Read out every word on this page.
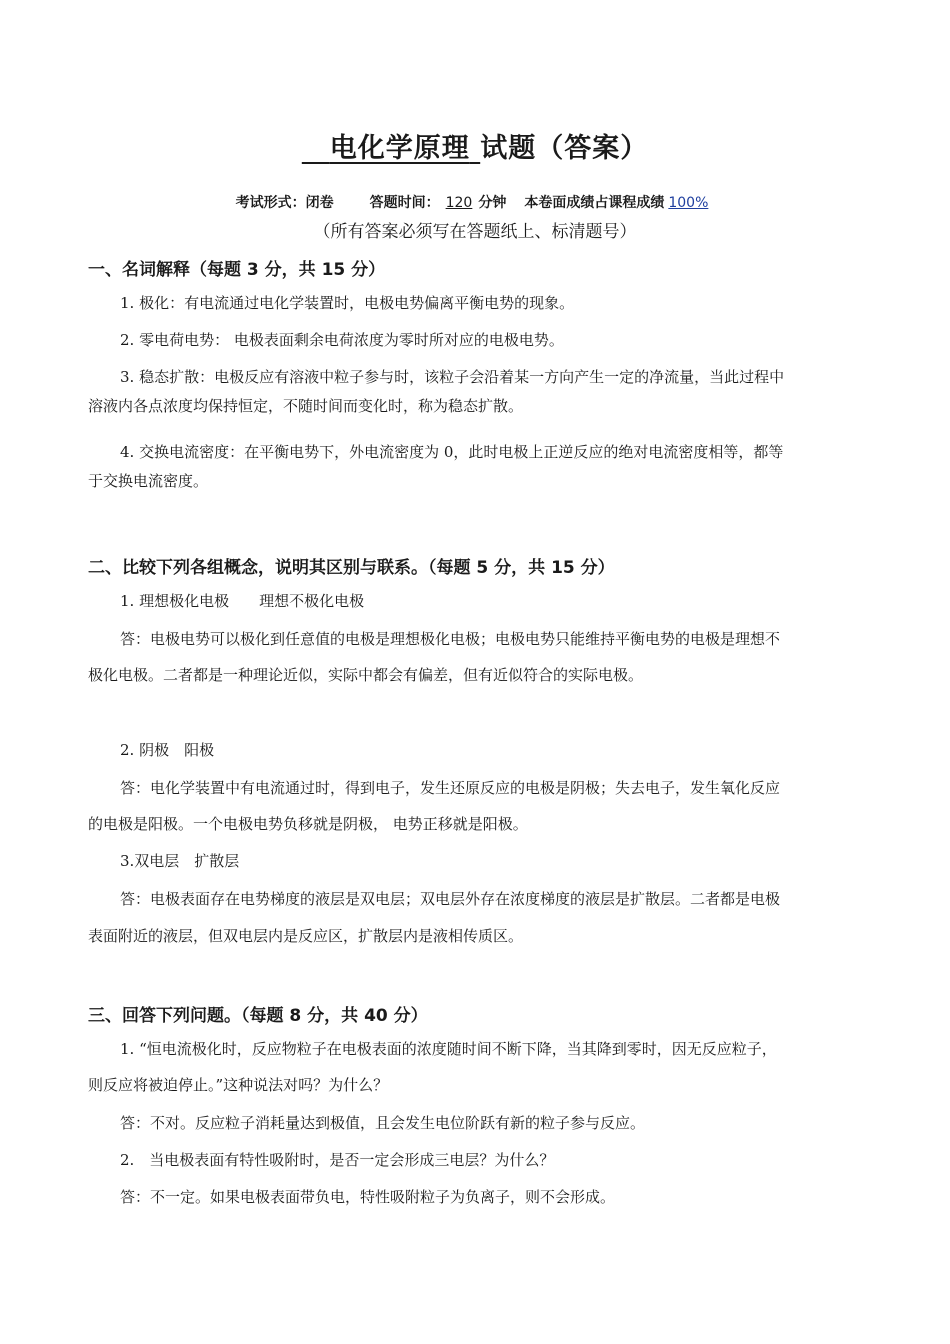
　电化学原理 试题（答案）
考试形式：闭卷	答题时间： 120 分钟 本卷面成绩占课程成绩 100%
（所有答案必须写在答题纸上、标清题号）
一、名词解释（每题 3 分，共 15 分）
1. 极化：有电流通过电化学装置时，电极电势偏离平衡电势的现象。
2. 零电荷电势： 电极表面剩余电荷浓度为零时所对应的电极电势。
3. 稳态扩散：电极反应有溶液中粒子参与时，该粒子会沿着某一方向产生一定的净流量，当此过程中
溶液内各点浓度均保持恒定，不随时间而变化时，称为稳态扩散。
4. 交换电流密度：在平衡电势下，外电流密度为 0，此时电极上正逆反应的绝对电流密度相等，都等
于交换电流密度。
二、比较下列各组概念，说明其区别与联系。（每题 5 分，共 15 分）
1. 理想极化电极　　理想不极化电极
答：电极电势可以极化到任意值的电极是理想极化电极；电极电势只能维持平衡电势的电极是理想不
极化电极。二者都是一种理论近似，实际中都会有偏差，但有近似符合的实际电极。
2. 阴极　阳极
答：电化学装置中有电流通过时，得到电子，发生还原反应的电极是阴极；失去电子，发生氧化反应
的电极是阳极。一个电极电势负移就是阴极， 电势正移就是阳极。
3.双电层　扩散层
答：电极表面存在电势梯度的液层是双电层；双电层外存在浓度梯度的液层是扩散层。二者都是电极
表面附近的液层，但双电层内是反应区，扩散层内是液相传质区。
三、回答下列问题。（每题 8 分，共 40 分）
1. “恒电流极化时，反应物粒子在电极表面的浓度随时间不断下降，当其降到零时，因无反应粒子，
则反应将被迫停止。”这种说法对吗？为什么？
答：不对。反应粒子消耗量达到极值，且会发生电位阶跃有新的粒子参与反应。
2.　当电极表面有特性吸附时，是否一定会形成三电层？为什么？
答：不一定。如果电极表面带负电，特性吸附粒子为负离子，则不会形成。
